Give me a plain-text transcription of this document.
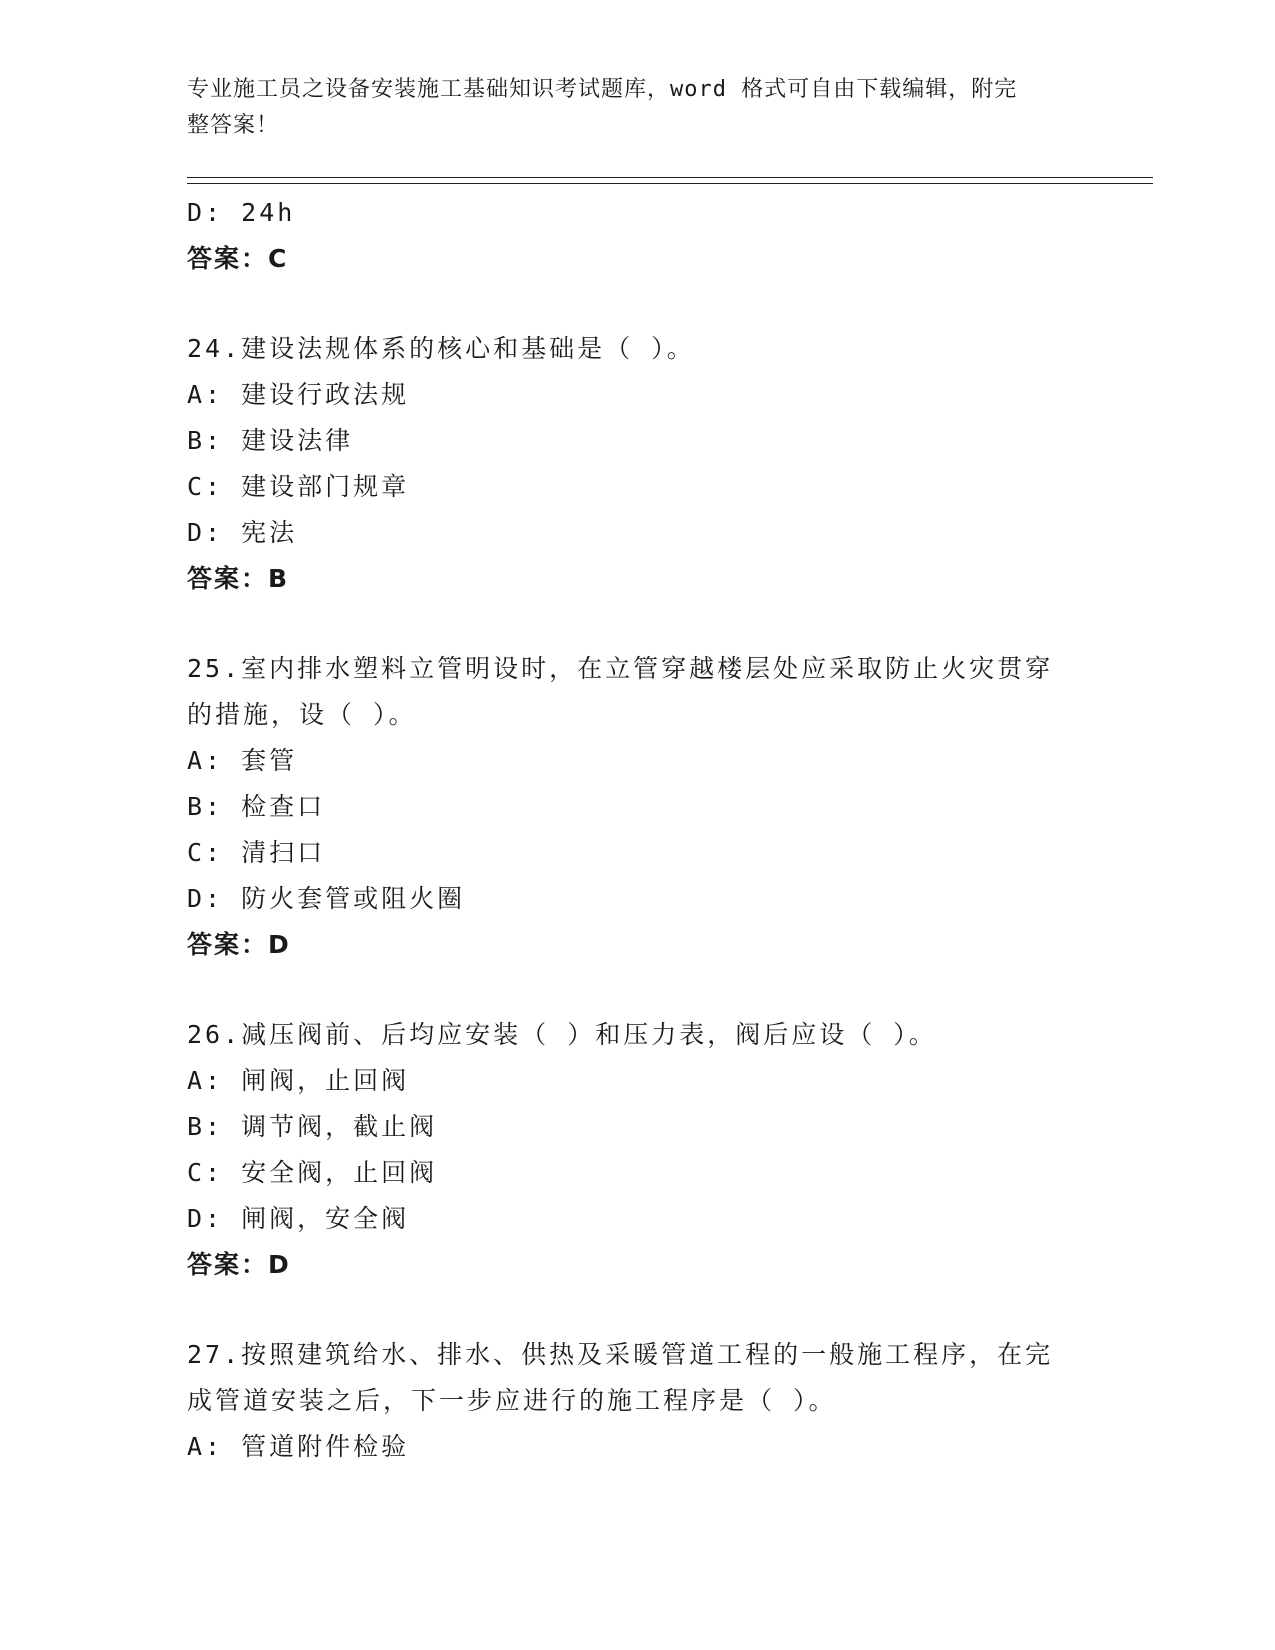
专业施工员之设备安装施工基础知识考试题库，word 格式可自由下载编辑，附完
整答案！
D: 24h
答案：C
24.建设法规体系的核心和基础是（ ）。
A: 建设行政法规
B: 建设法律
C: 建设部门规章
D: 宪法
答案：B
25.室内排水塑料立管明设时，在立管穿越楼层处应采取防止火灾贯穿
的措施，设（ ）。
A: 套管
B: 检查口
C: 清扫口
D: 防火套管或阻火圈
答案：D
26.减压阀前、后均应安装（ ）和压力表，阀后应设（ ）。
A: 闸阀，止回阀
B: 调节阀，截止阀
C: 安全阀，止回阀
D: 闸阀，安全阀
答案：D
27.按照建筑给水、排水、供热及采暖管道工程的一般施工程序，在完
成管道安装之后，下一步应进行的施工程序是（ ）。
A: 管道附件检验
